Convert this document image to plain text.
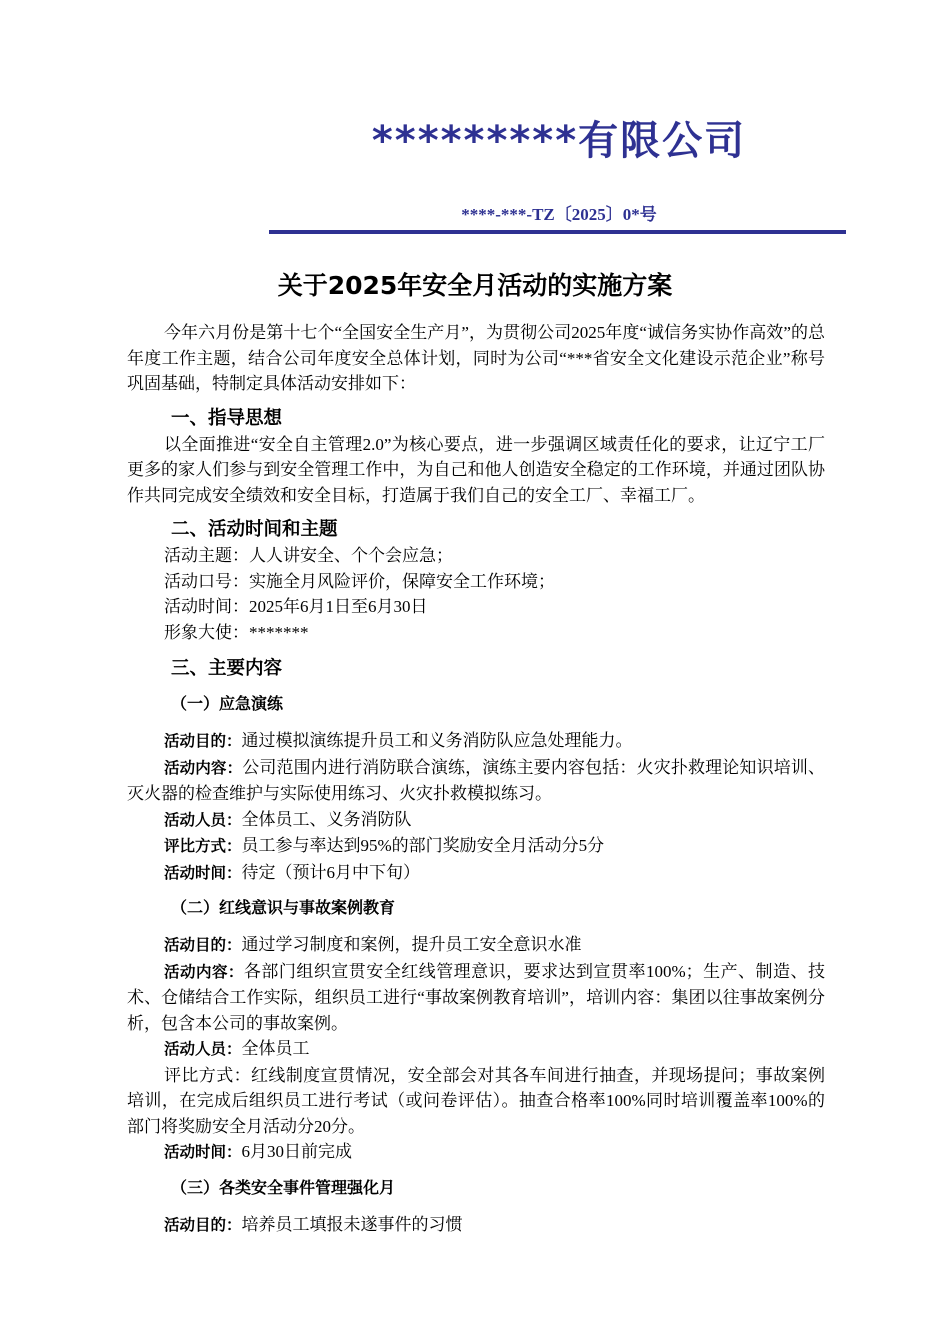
*********有限公司
****-***-TZ〔2025〕0*号
关于2025年安全月活动的实施方案

今年六月份是第十七个“全国安全生产月”，为贯彻公司2025年度“诚信务实协作高效”的总年度工作主题，结合公司年度安全总体计划，同时为公司“***省安全文化建设示范企业”称号巩固基础，特制定具体活动安排如下：

一、指导思想

以全面推进“安全自主管理2.0”为核心要点，进一步强调区域责任化的要求，让辽宁工厂更多的家人们参与到安全管理工作中，为自己和他人创造安全稳定的工作环境，并通过团队协作共同完成安全绩效和安全目标，打造属于我们自己的安全工厂、幸福工厂。

二、活动时间和主题

活动主题：人人讲安全、个个会应急；

活动口号：实施全月风险评价，保障安全工作环境；

活动时间：2025年6月1日至6月30日

形象大使：*******

三、主要内容
（一）应急演练

活动目的：通过模拟演练提升员工和义务消防队应急处理能力。

活动内容：公司范围内进行消防联合演练，演练主要内容包括：火灾扑救理论知识培训、灭火器的检查维护与实际使用练习、火灾扑救模拟练习。

活动人员：全体员工、义务消防队

评比方式：员工参与率达到95%的部门奖励安全月活动分5分

活动时间：待定（预计6月中下旬）

（二）红线意识与事故案例教育

活动目的：通过学习制度和案例，提升员工安全意识水准

活动内容：各部门组织宣贯安全红线管理意识，要求达到宣贯率100%；生产、制造、技术、仓储结合工作实际，组织员工进行“事故案例教育培训”，培训内容：集团以往事故案例分析，包含本公司的事故案例。

活动人员：全体员工

评比方式：红线制度宣贯情况，安全部会对其各车间进行抽查，并现场提问；事故案例培训，在完成后组织员工进行考试（或问卷评估）。抽查合格率100%同时培训覆盖率100%的部门将奖励安全月活动分20分。

活动时间：6月30日前完成

（三）各类安全事件管理强化月

活动目的：培养员工填报未遂事件的习惯
